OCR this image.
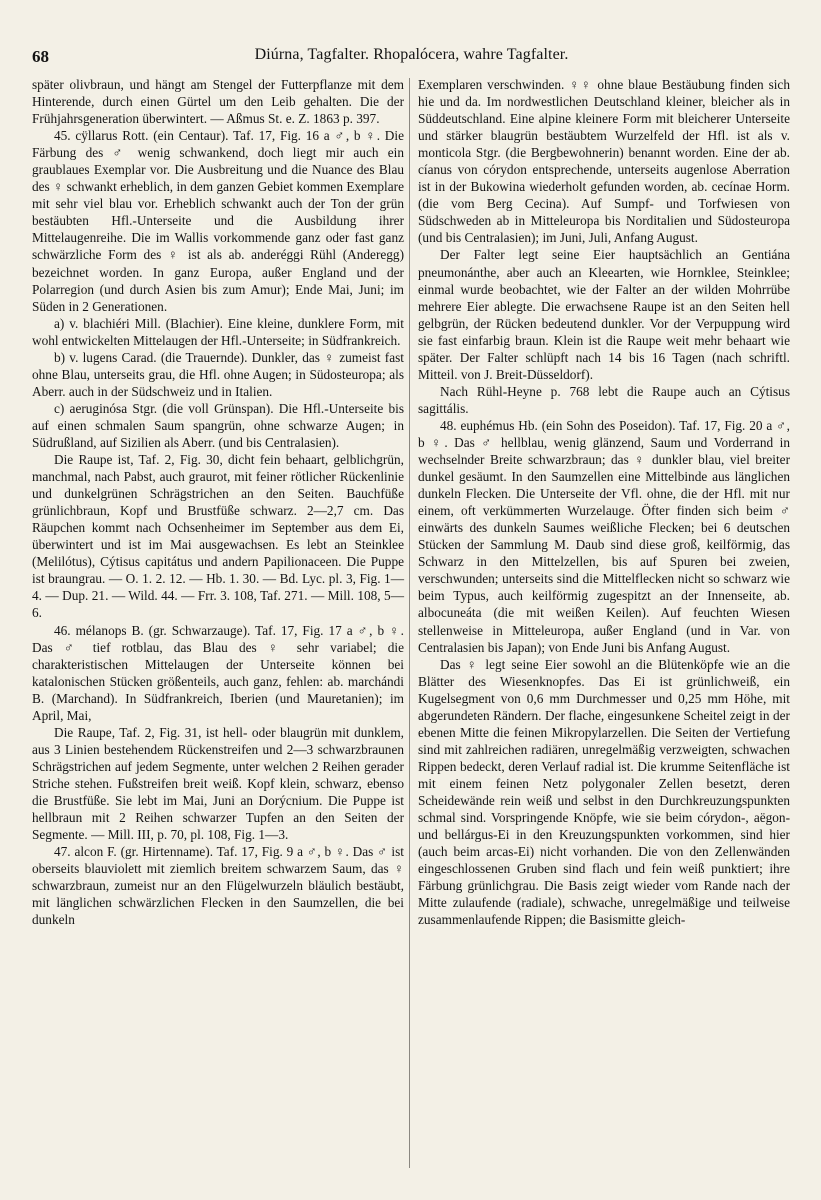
68	Diúrna, Tagfalter. Rhopalócera, wahre Tagfalter.

später olivbraun, und hängt am Stengel der Futterpflanze mit dem Hinterende, durch einen Gürtel um den Leib gehalten. Die der Frühjahrsgeneration überwintert. — Aßmus St. e. Z. 1863 p. 397.

45. cÿllarus Rott. (ein Centaur). Taf. 17, Fig. 16 a ♂, b ♀. Die Färbung des ♂ wenig schwankend, doch liegt mir auch ein graublaues Exemplar vor. Die Ausbreitung und die Nuance des Blau des ♀ schwankt erheblich, in dem ganzen Gebiet kommen Exemplare mit sehr viel blau vor. Erheblich schwankt auch der Ton der grün bestäubten Hfl.-Unterseite und die Ausbildung ihrer Mittelaugenreihe. Die im Wallis vorkommende ganz oder fast ganz schwärzliche Form des ♀ ist als ab. anderéggi Rühl (Anderegg) bezeichnet worden. In ganz Europa, außer England und der Polarregion (und durch Asien bis zum Amur); Ende Mai, Juni; im Süden in 2 Generationen.

a) v. blachiéri Mill. (Blachier). Eine kleine, dunklere Form, mit wohl entwickelten Mittelaugen der Hfl.-Unterseite; in Südfrankreich.

b) v. lugens Carad. (die Trauernde). Dunkler, das ♀ zumeist fast ohne Blau, unterseits grau, die Hfl. ohne Augen; in Südosteuropa; als Aberr. auch in der Südschweiz und in Italien.

c) aeruginósa Stgr. (die voll Grünspan). Die Hfl.-Unterseite bis auf einen schmalen Saum spangrün, ohne schwarze Augen; in Südrußland, auf Sizilien als Aberr. (und bis Centralasien).

Die Raupe ist, Taf. 2, Fig. 30, dicht fein behaart, gelblichgrün, manchmal, nach Pabst, auch graurot, mit feiner rötlicher Rückenlinie und dunkelgrünen Schrägstrichen an den Seiten. Bauchfüße grünlichbraun, Kopf und Brustfüße schwarz. 2—2,7 cm. Das Räupchen kommt nach Ochsenheimer im September aus dem Ei, überwintert und ist im Mai ausgewachsen. Es lebt an Steinklee (Melilótus), Cýtisus capitátus und andern Papilionaceen. Die Puppe ist braungrau. — O. 1. 2. 12. — Hb. 1. 30. — Bd. Lyc. pl. 3, Fig. 1—4. — Dup. 21. — Wild. 44. — Frr. 3. 108, Taf. 271. — Mill. 108, 5—6.

46. mélanops B. (gr. Schwarzauge). Taf. 17, Fig. 17 a ♂, b ♀. Das ♂ tief rotblau, das Blau des ♀ sehr variabel; die charakteristischen Mittelaugen der Unterseite können bei katalonischen Stücken größenteils, auch ganz, fehlen: ab. marchándi B. (Marchand). In Südfrankreich, Iberien (und Mauretanien); im April, Mai,

Die Raupe, Taf. 2, Fig. 31, ist hell- oder blaugrün mit dunklem, aus 3 Linien bestehendem Rückenstreifen und 2—3 schwarzbraunen Schrägstrichen auf jedem Segmente, unter welchen 2 Reihen gerader Striche stehen. Fußstreifen breit weiß. Kopf klein, schwarz, ebenso die Brustfüße. Sie lebt im Mai, Juni an Dorýcnium. Die Puppe ist hellbraun mit 2 Reihen schwarzer Tupfen an den Seiten der Segmente. — Mill. III, p. 70, pl. 108, Fig. 1—3.

47. alcon F. (gr. Hirtenname). Taf. 17, Fig. 9 a ♂, b ♀. Das ♂ ist oberseits blauviolett mit ziemlich breitem schwarzem Saum, das ♀ schwarzbraun, zumeist nur an den Flügelwurzeln bläulich bestäubt, mit länglichen schwärzlichen Flecken in den Saumzellen, die bei dunkeln

Exemplaren verschwinden. ♀♀ ohne blaue Bestäubung finden sich hie und da. Im nordwestlichen Deutschland kleiner, bleicher als in Süddeutschland. Eine alpine kleinere Form mit bleicherer Unterseite und stärker blaugrün bestäubtem Wurzelfeld der Hfl. ist als v. monticola Stgr. (die Bergbewohnerin) benannt worden. Eine der ab. cíanus von córydon entsprechende, unterseits augenlose Aberration ist in der Bukowina wiederholt gefunden worden, ab. cecínae Horm. (die vom Berg Cecina). Auf Sumpf- und Torfwiesen von Südschweden ab in Mitteleuropa bis Norditalien und Südosteuropa (und bis Centralasien); im Juni, Juli, Anfang August.

Der Falter legt seine Eier hauptsächlich an Gentiána pneumonánthe, aber auch an Kleearten, wie Hornklee, Steinklee; einmal wurde beobachtet, wie der Falter an der wilden Mohrrübe mehrere Eier ablegte. Die erwachsene Raupe ist an den Seiten hell gelbgrün, der Rücken bedeutend dunkler. Vor der Verpuppung wird sie fast einfarbig braun. Klein ist die Raupe weit mehr behaart wie später. Der Falter schlüpft nach 14 bis 16 Tagen (nach schriftl. Mitteil. von J. Breit-Düsseldorf).

Nach Rühl-Heyne p. 768 lebt die Raupe auch an Cýtisus sagittális.

48. euphémus Hb. (ein Sohn des Poseidon). Taf. 17, Fig. 20 a ♂, b ♀. Das ♂ hellblau, wenig glänzend, Saum und Vorderrand in wechselnder Breite schwarzbraun; das ♀ dunkler blau, viel breiter dunkel gesäumt. In den Saumzellen eine Mittelbinde aus länglichen dunkeln Flecken. Die Unterseite der Vfl. ohne, die der Hfl. mit nur einem, oft verkümmerten Wurzelauge. Öfter finden sich beim ♂ einwärts des dunkeln Saumes weißliche Flecken; bei 6 deutschen Stücken der Sammlung M. Daub sind diese groß, keilförmig, das Schwarz in den Mittelzellen, bis auf Spuren bei zweien, verschwunden; unterseits sind die Mittelflecken nicht so schwarz wie beim Typus, auch keilförmig zugespitzt an der Innenseite, ab. albocuneáta (die mit weißen Keilen). Auf feuchten Wiesen stellenweise in Mitteleuropa, außer England (und in Var. von Centralasien bis Japan); von Ende Juni bis Anfang August.

Das ♀ legt seine Eier sowohl an die Blütenköpfe wie an die Blätter des Wiesenknopfes. Das Ei ist grünlichweiß, ein Kugelsegment von 0,6 mm Durchmesser und 0,25 mm Höhe, mit abgerundeten Rändern. Der flache, eingesunkene Scheitel zeigt in der ebenen Mitte die feinen Mikropylarzellen. Die Seiten der Vertiefung sind mit zahlreichen radiären, unregelmäßig verzweigten, schwachen Rippen bedeckt, deren Verlauf radial ist. Die krumme Seitenfläche ist mit einem feinen Netz polygonaler Zellen besetzt, deren Scheidewände rein weiß und selbst in den Durchkreuzungspunkten schmal sind. Vorspringende Knöpfe, wie sie beim córydon-, aëgon- und bellárgus-Ei in den Kreuzungspunkten vorkommen, sind hier (auch beim arcas-Ei) nicht vorhanden. Die von den Zellenwänden eingeschlossenen Gruben sind flach und fein weiß punktiert; ihre Färbung grünlichgrau. Die Basis zeigt wieder vom Rande nach der Mitte zulaufende (radiale), schwache, unregelmäßige und teilweise zusammenlaufende Rippen; die Basismitte gleich-
